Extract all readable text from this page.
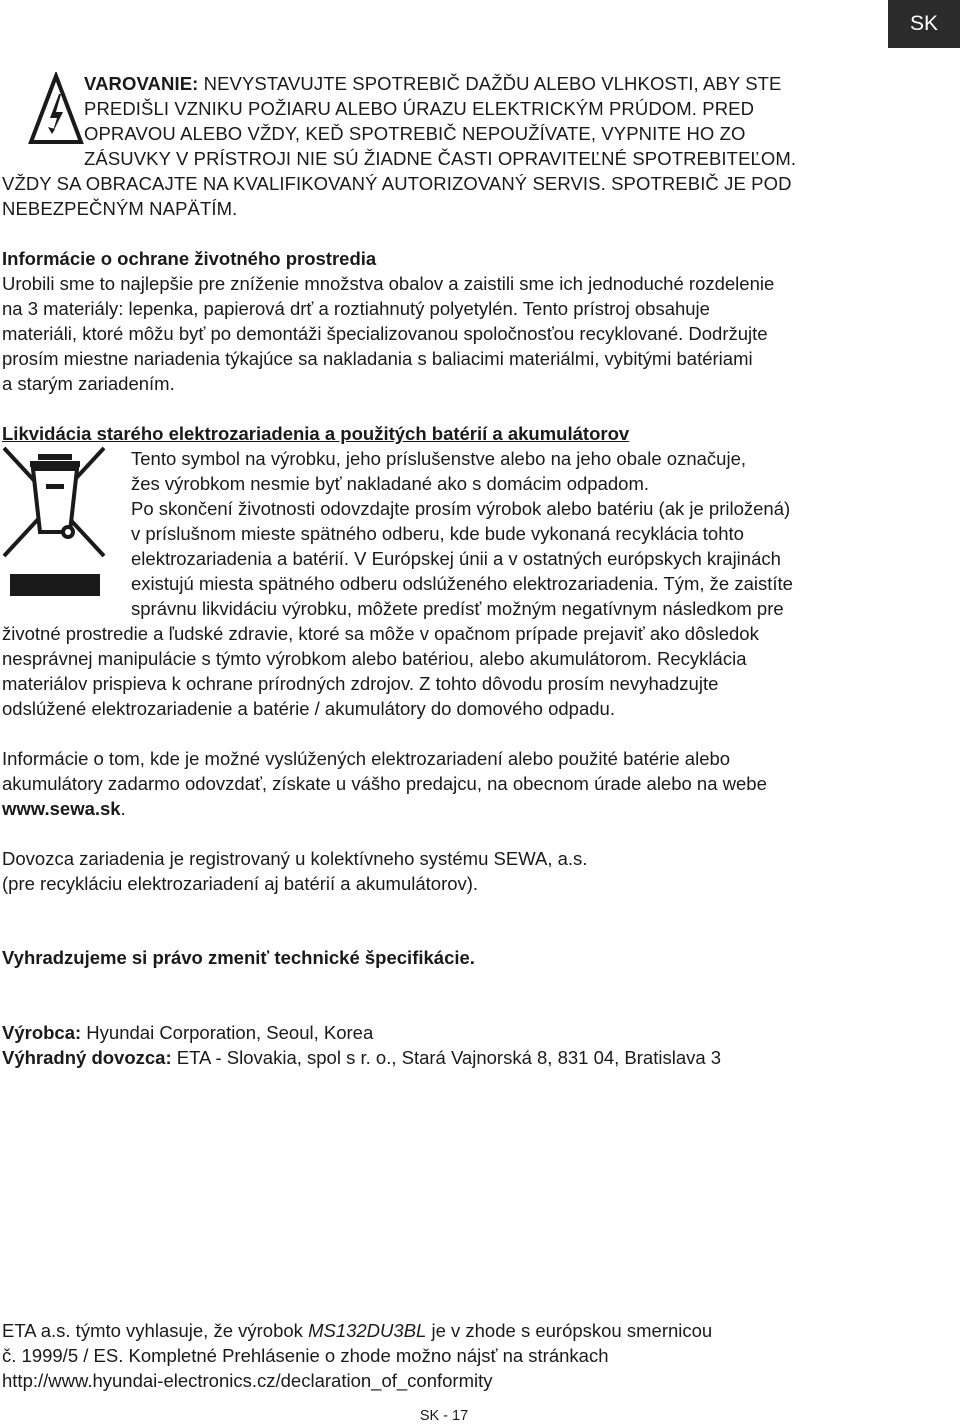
SK
VAROVANIE: NEVYSTAVUJTE SPOTREBIČ DAŽĎU ALEBO VLHKOSTI, ABY STE
PREDIŠLI VZNIKU POŽIARU ALEBO ÚRAZU ELEKTRICKÝM PRÚDOM. PRED
OPRAVOU ALEBO VŽDY, KEĎ SPOTREBIČ NEPOUŽÍVATE, VYPNITE HO ZO
ZÁSUVKY V PRÍSTROJI NIE SÚ ŽIADNE ČASTI OPRAVITEĽNÉ SPOTREBITEĽOM.
VŽDY SA OBRACAJTE NA KVALIFIKOVANÝ AUTORIZOVANÝ SERVIS. SPOTREBIČ JE POD
NEBEZPEČNÝM NAPÄTÍM.
Informácie o ochrane životného prostredia
Urobili sme to najlepšie pre zníženie množstva obalov a zaistili sme ich jednoduché rozdelenie
na 3 materiály: lepenka, papierová drť a roztiahnutý polyetylén. Tento prístroj obsahuje
materiáli, ktoré môžu byť po demontáži špecializovanou spoločnosťou recyklované. Dodržujte
prosím miestne nariadenia týkajúce sa nakladania s baliacimi materiálmi, vybitými batériami
a starým zariadením.
Likvidácia starého elektrozariadenia a použitých batérií a akumulátorov
Tento symbol na výrobku, jeho príslušenstve alebo na jeho obale označuje,
žes výrobkom nesmie byť nakladané ako s domácim odpadom.
Po skončení životnosti odovzdajte prosím výrobok alebo batériu (ak je priložená)
v príslušnom mieste spätného odberu, kde bude vykonaná recyklácia tohto
elektrozariadenia a batérií. V Európskej únii a v ostatných európskych krajinách
existujú miesta spätného odberu odslúženého elektrozariadenia. Tým, že zaistíte
správnu likvidáciu výrobku, môžete predísť možným negatívnym následkom pre
životné prostredie a ľudské zdravie, ktoré sa môže v opačnom prípade prejaviť ako dôsledok
nesprávnej manipulácie s týmto výrobkom alebo batériou, alebo akumulátorom. Recyklácia
materiálov prispieva k ochrane prírodných zdrojov. Z tohto dôvodu prosím nevyhadzujte
odslúžené elektrozariadenie a batérie / akumulátory do domového odpadu.
Informácie o tom, kde je možné vyslúžených elektrozariadení alebo použité batérie alebo
akumulátory zadarmo odovzdať, získate u vášho predajcu, na obecnom úrade alebo na webe
www.sewa.sk.
Dovozca zariadenia je registrovaný u kolektívneho systému SEWA, a.s.
(pre recykláciu elektrozariadení aj batérií a akumulátorov).
Vyhradzujeme si právo zmeniť technické špecifikácie.
Výrobca: Hyundai Corporation, Seoul, Korea
Výhradný dovozca: ETA - Slovakia, spol s r. o., Stará Vajnorská 8, 831 04, Bratislava 3
ETA a.s. týmto vyhlasuje, že výrobok MS132DU3BL je v zhode s európskou smernicou
č. 1999/5 / ES. Kompletné Prehlásenie o zhode možno nájsť na stránkach
http://www.hyundai-electronics.cz/declaration_of_conformity
SK - 17
